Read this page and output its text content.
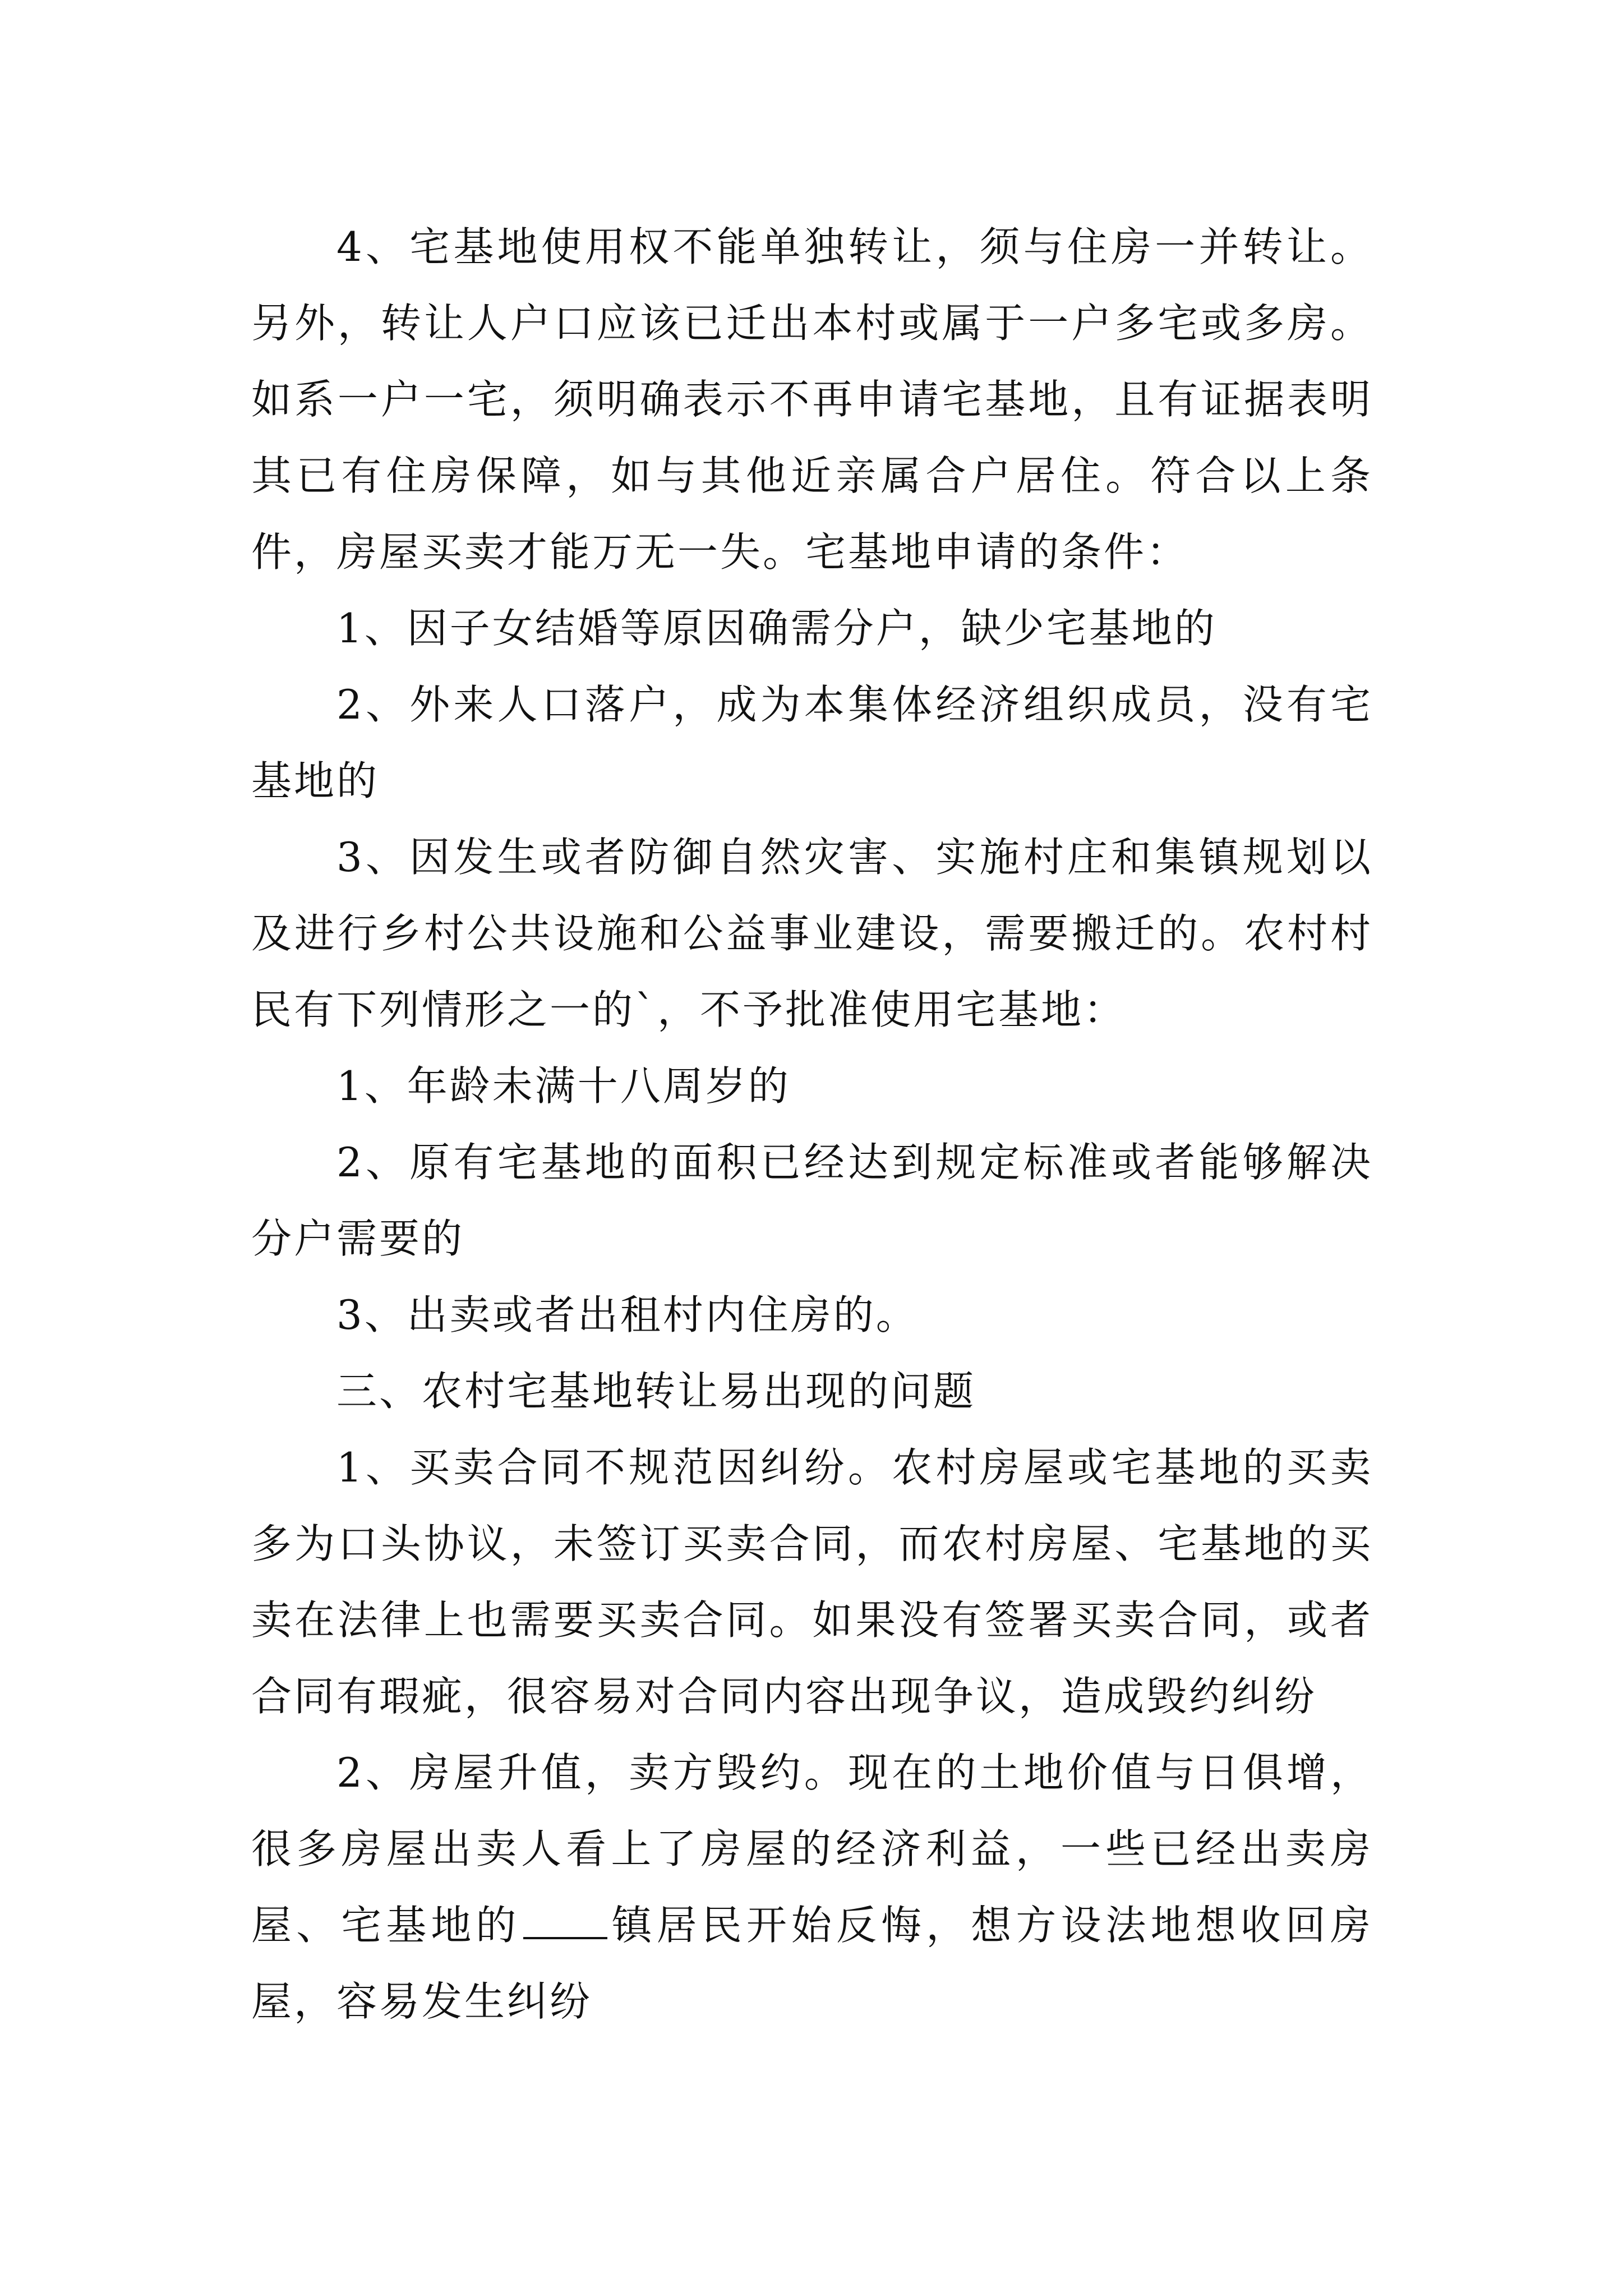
4、宅基地使用权不能单独转让，须与住房一并转让。另外，转让人户口应该已迁出本村或属于一户多宅或多房。如系一户一宅，须明确表示不再申请宅基地，且有证据表明其已有住房保障，如与其他近亲属合户居住。符合以上条件，房屋买卖才能万无一失。宅基地申请的条件：

1、因子女结婚等原因确需分户，缺少宅基地的

2、外来人口落户，成为本集体经济组织成员，没有宅基地的

3、因发生或者防御自然灾害、实施村庄和集镇规划以及进行乡村公共设施和公益事业建设，需要搬迁的。农村村民有下列情形之一的`，不予批准使用宅基地：

1、年龄未满十八周岁的

2、原有宅基地的面积已经达到规定标准或者能够解决分户需要的

3、出卖或者出租村内住房的。

三、农村宅基地转让易出现的问题

1、买卖合同不规范因纠纷。农村房屋或宅基地的买卖多为口头协议，未签订买卖合同，而农村房屋、宅基地的买卖在法律上也需要买卖合同。如果没有签署买卖合同，或者合同有瑕疵，很容易对合同内容出现争议，造成毁约纠纷

2、房屋升值，卖方毁约。现在的土地价值与日俱增，很多房屋出卖人看上了房屋的经济利益，一些已经出卖房屋、宅基地的 镇居民开始反悔，想方设法地想收回房屋，容易发生纠纷
